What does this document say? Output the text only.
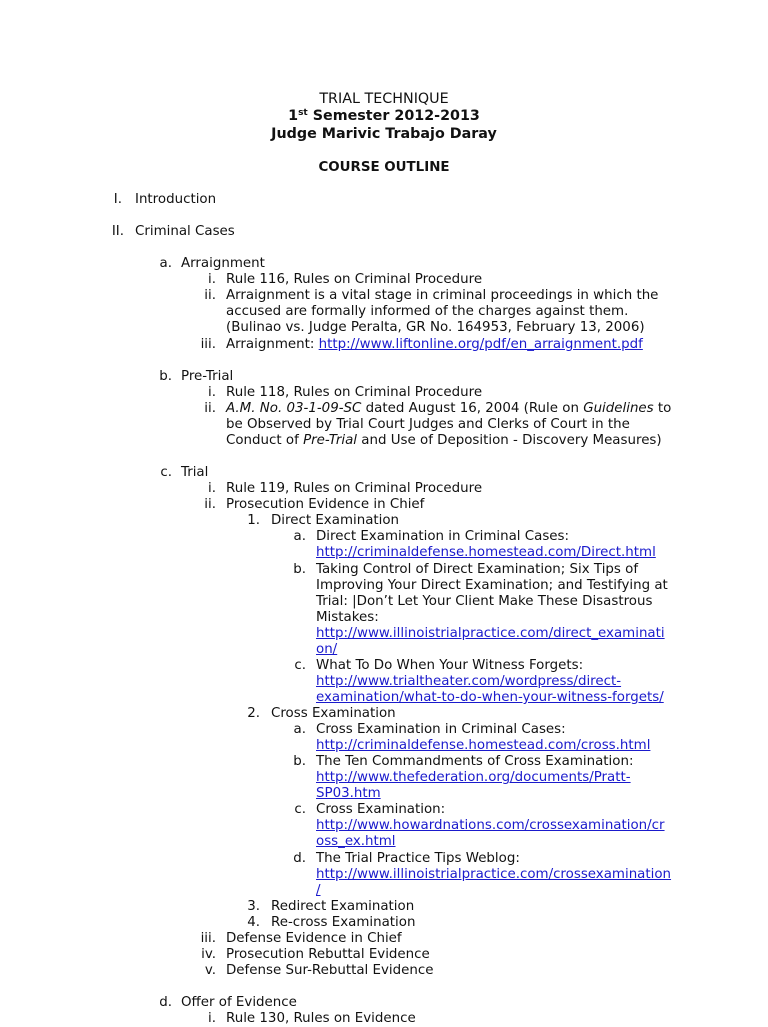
TRIAL TECHNIQUE
1st Semester 2012-2013
Judge Marivic Trabajo Daray
COURSE OUTLINE
I. Introduction
II. Criminal Cases
a. Arraignment
i. Rule 116, Rules on Criminal Procedure
ii. Arraignment is a vital stage in criminal proceedings in which the
accused are formally informed of the charges against them.
(Bulinao vs. Judge Peralta, GR No. 164953, February 13, 2006)
iii. Arraignment: http://www.liftonline.org/pdf/en_arraignment.pdf
b. Pre-Trial
i. Rule 118, Rules on Criminal Procedure
ii. A.M. No. 03-1-09-SC dated August 16, 2004 (Rule on Guidelines to
be Observed by Trial Court Judges and Clerks of Court in the
Conduct of Pre-Trial and Use of Deposition - Discovery Measures)
c. Trial
i. Rule 119, Rules on Criminal Procedure
ii. Prosecution Evidence in Chief
1. Direct Examination
a. Direct Examination in Criminal Cases:
http://criminaldefense.homestead.com/Direct.html
b. Taking Control of Direct Examination; Six Tips of
Improving Your Direct Examination; and Testifying at
Trial: |Don’t Let Your Client Make These Disastrous
Mistakes:
http://www.illinoistrialpractice.com/direct_examinati
on/
c. What To Do When Your Witness Forgets:
http://www.trialtheater.com/wordpress/direct-
examination/what-to-do-when-your-witness-forgets/
2. Cross Examination
a. Cross Examination in Criminal Cases:
http://criminaldefense.homestead.com/cross.html
b. The Ten Commandments of Cross Examination:
http://www.thefederation.org/documents/Pratt-
SP03.htm
c. Cross Examination:
http://www.howardnations.com/crossexamination/cr
oss_ex.html
d. The Trial Practice Tips Weblog:
http://www.illinoistrialpractice.com/crossexamination
/
3. Redirect Examination
4. Re-cross Examination
iii. Defense Evidence in Chief
iv. Prosecution Rebuttal Evidence
v. Defense Sur-Rebuttal Evidence
d. Offer of Evidence
i. Rule 130, Rules on Evidence
